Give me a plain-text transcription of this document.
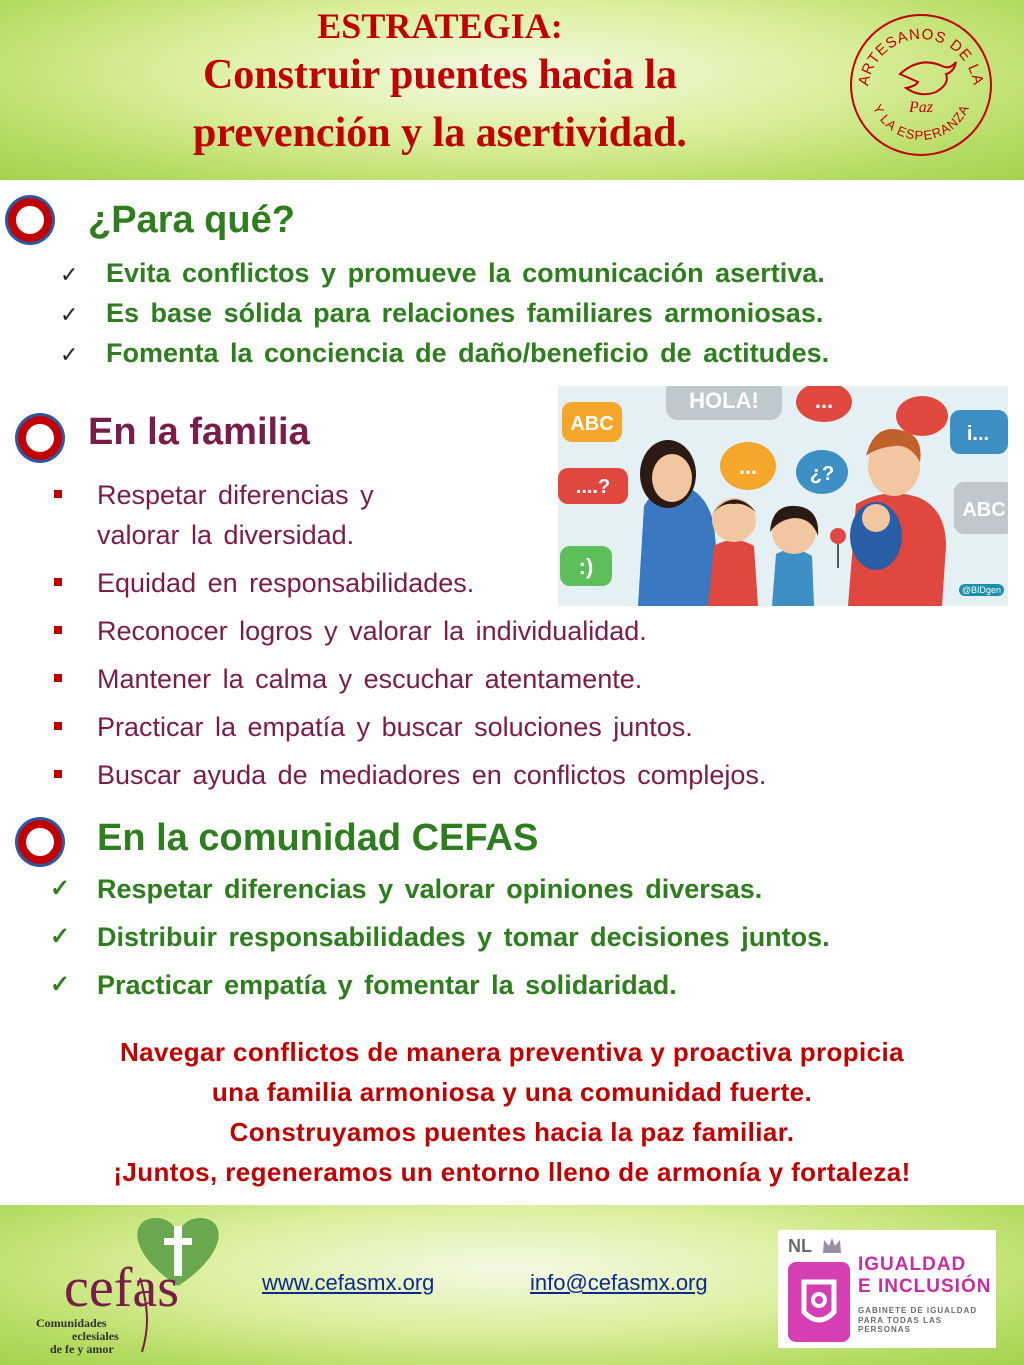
ESTRATEGIA:
Construir puentes hacia la
prevención y la asertividad.
ARTESANOS DE LA
Y LA ESPERANZA
Paz
¿Para qué?
✓ Evita conflictos y promueve la comunicación asertiva.
✓ Es base sólida para relaciones familiares armoniosas.
✓ Fomenta la conciencia de daño/beneficio de actitudes.
En la familia
HOLA!
ABC
...
...	¿?
....?
i...
ABC
:)
@BIDgen
Respetar diferencias y
valorar la diversidad.
Equidad en responsabilidades.
Reconocer logros y valorar la individualidad.
Mantener la calma y escuchar atentamente.
Practicar la empatía y buscar soluciones juntos.
Buscar ayuda de mediadores en conflictos complejos.
En la comunidad CEFAS
✓ Respetar diferencias y valorar opiniones diversas.
✓ Distribuir responsabilidades y tomar decisiones juntos.
✓ Practicar empatía y fomentar la solidaridad.
Navegar conflictos de manera preventiva y proactiva propicia
una familia armoniosa y una comunidad fuerte.
Construyamos puentes hacia la paz familiar.
¡Juntos, regeneramos un entorno lleno de armonía y fortaleza!
cefas
Comunidades
eclesiales
de fe y amor
www.cefasmx.org	info@cefasmx.org
NL
IGUALDAD
E INCLUSIÓN
GABINETE DE IGUALDAD
PARA TODAS LAS PERSONAS
